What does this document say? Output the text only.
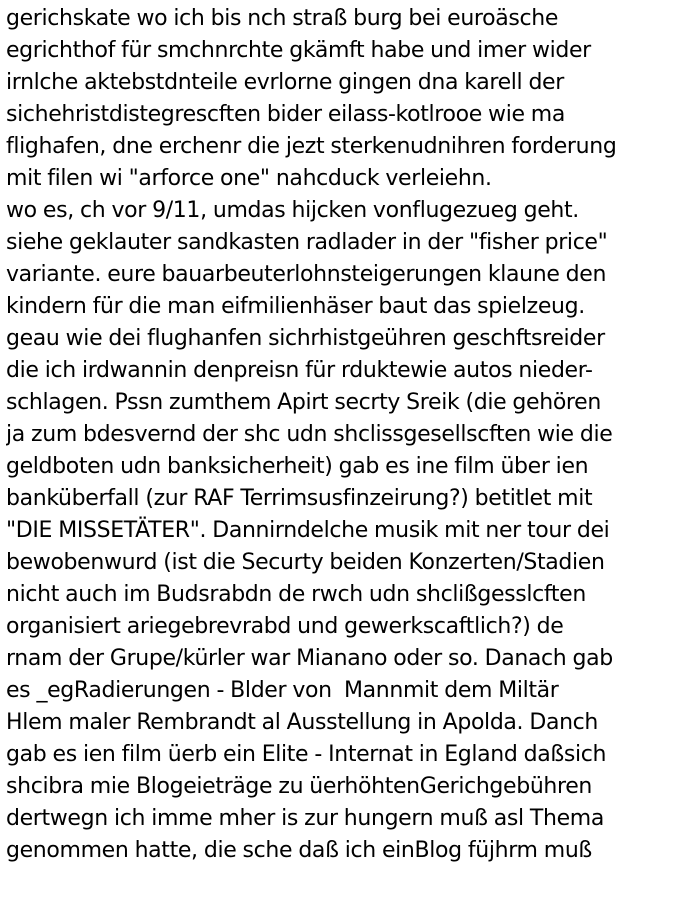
gerichskate wo ich bis nch straß burg bei euroäsche
egrichthof für smchnrchte gkämft habe und imer wider
irnlche aktebstdnteile evrlorne gingen dna karell der
sichehristdistegrescften bider eilass-kotlrooe wie ma
flighafen, dne erchenr die jezt sterkenudnihren forderung
mit filen wi "arforce one" nahcduck verleiehn.
wo es, ch vor 9/11, umdas hijcken vonflugezueg geht.
siehe geklauter sandkasten radlader in der "fisher price"
variante. eure bauarbeuterlohnsteigerungen klaune den
kindern für die man eifmilienhäser baut das spielzeug.
geau wie dei flughanfen sichrhistgeühren geschftsreider
die ich irdwannin denpreisn für rduktewie autos nieder-
schlagen. Pssn zumthem Apirt secrty Sreik (die gehören
ja zum bdesvernd der shc udn shclissgesellscften wie die
geldboten udn banksicherheit) gab es ine film über ien
banküberfall (zur RAF Terrimsusfinzeirung?) betitlet mit
"DIE MISSETÄTER". Dannirndelche musik mit ner tour dei
bewobenwurd (ist die Securty beiden Konzerten/Stadien
nicht auch im Budsrabdn de rwch udn shclißgesslcften
organisiert ariegebrevrabd und gewerkscaftlich?) de
rnam der Grupe/kürler war Mianano oder so. Danach gab
es _egRadierungen - Blder von  Mannmit dem Miltär
Hlem maler Rembrandt al Ausstellung in Apolda. Danch
gab es ien film üerb ein Elite - Internat in Egland daßsich
shcibra mie Blogeieträge zu üerhöhtenGerichgebühren
dertwegn ich imme mher is zur hungern muß asl Thema
genommen hatte, die sche daß ich einBlog füjhrm muß
